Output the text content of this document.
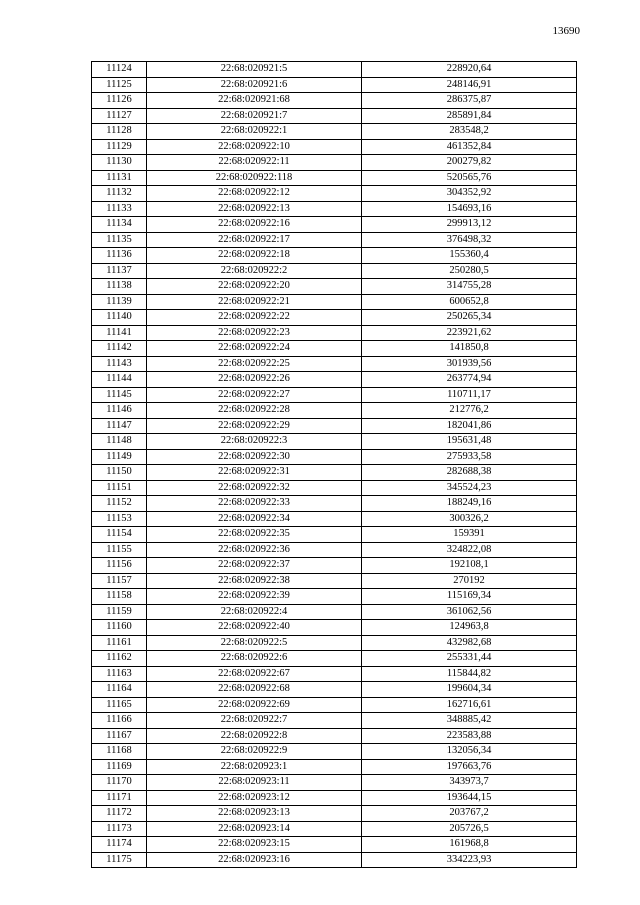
13690
11124	22:68:020921:5	228920,64
11125	22:68:020921:6	248146,91
11126	22:68:020921:68	286375,87
11127	22:68:020921:7	285891,84
11128	22:68:020922:1	283548,2
11129	22:68:020922:10	461352,84
11130	22:68:020922:11	200279,82
11131	22:68:020922:118	520565,76
11132	22:68:020922:12	304352,92
11133	22:68:020922:13	154693,16
11134	22:68:020922:16	299913,12
11135	22:68:020922:17	376498,32
11136	22:68:020922:18	155360,4
11137	22:68:020922:2	250280,5
11138	22:68:020922:20	314755,28
11139	22:68:020922:21	600652,8
11140	22:68:020922:22	250265,34
11141	22:68:020922:23	223921,62
11142	22:68:020922:24	141850,8
11143	22:68:020922:25	301939,56
11144	22:68:020922:26	263774,94
11145	22:68:020922:27	110711,17
11146	22:68:020922:28	212776,2
11147	22:68:020922:29	182041,86
11148	22:68:020922:3	195631,48
11149	22:68:020922:30	275933,58
11150	22:68:020922:31	282688,38
11151	22:68:020922:32	345524,23
11152	22:68:020922:33	188249,16
11153	22:68:020922:34	300326,2
11154	22:68:020922:35	159391
11155	22:68:020922:36	324822,08
11156	22:68:020922:37	192108,1
11157	22:68:020922:38	270192
11158	22:68:020922:39	115169,34
11159	22:68:020922:4	361062,56
11160	22:68:020922:40	124963,8
11161	22:68:020922:5	432982,68
11162	22:68:020922:6	255331,44
11163	22:68:020922:67	115844,82
11164	22:68:020922:68	199604,34
11165	22:68:020922:69	162716,61
11166	22:68:020922:7	348885,42
11167	22:68:020922:8	223583,88
11168	22:68:020922:9	132056,34
11169	22:68:020923:1	197663,76
11170	22:68:020923:11	343973,7
11171	22:68:020923:12	193644,15
11172	22:68:020923:13	203767,2
11173	22:68:020923:14	205726,5
11174	22:68:020923:15	161968,8
11175	22:68:020923:16	334223,93
